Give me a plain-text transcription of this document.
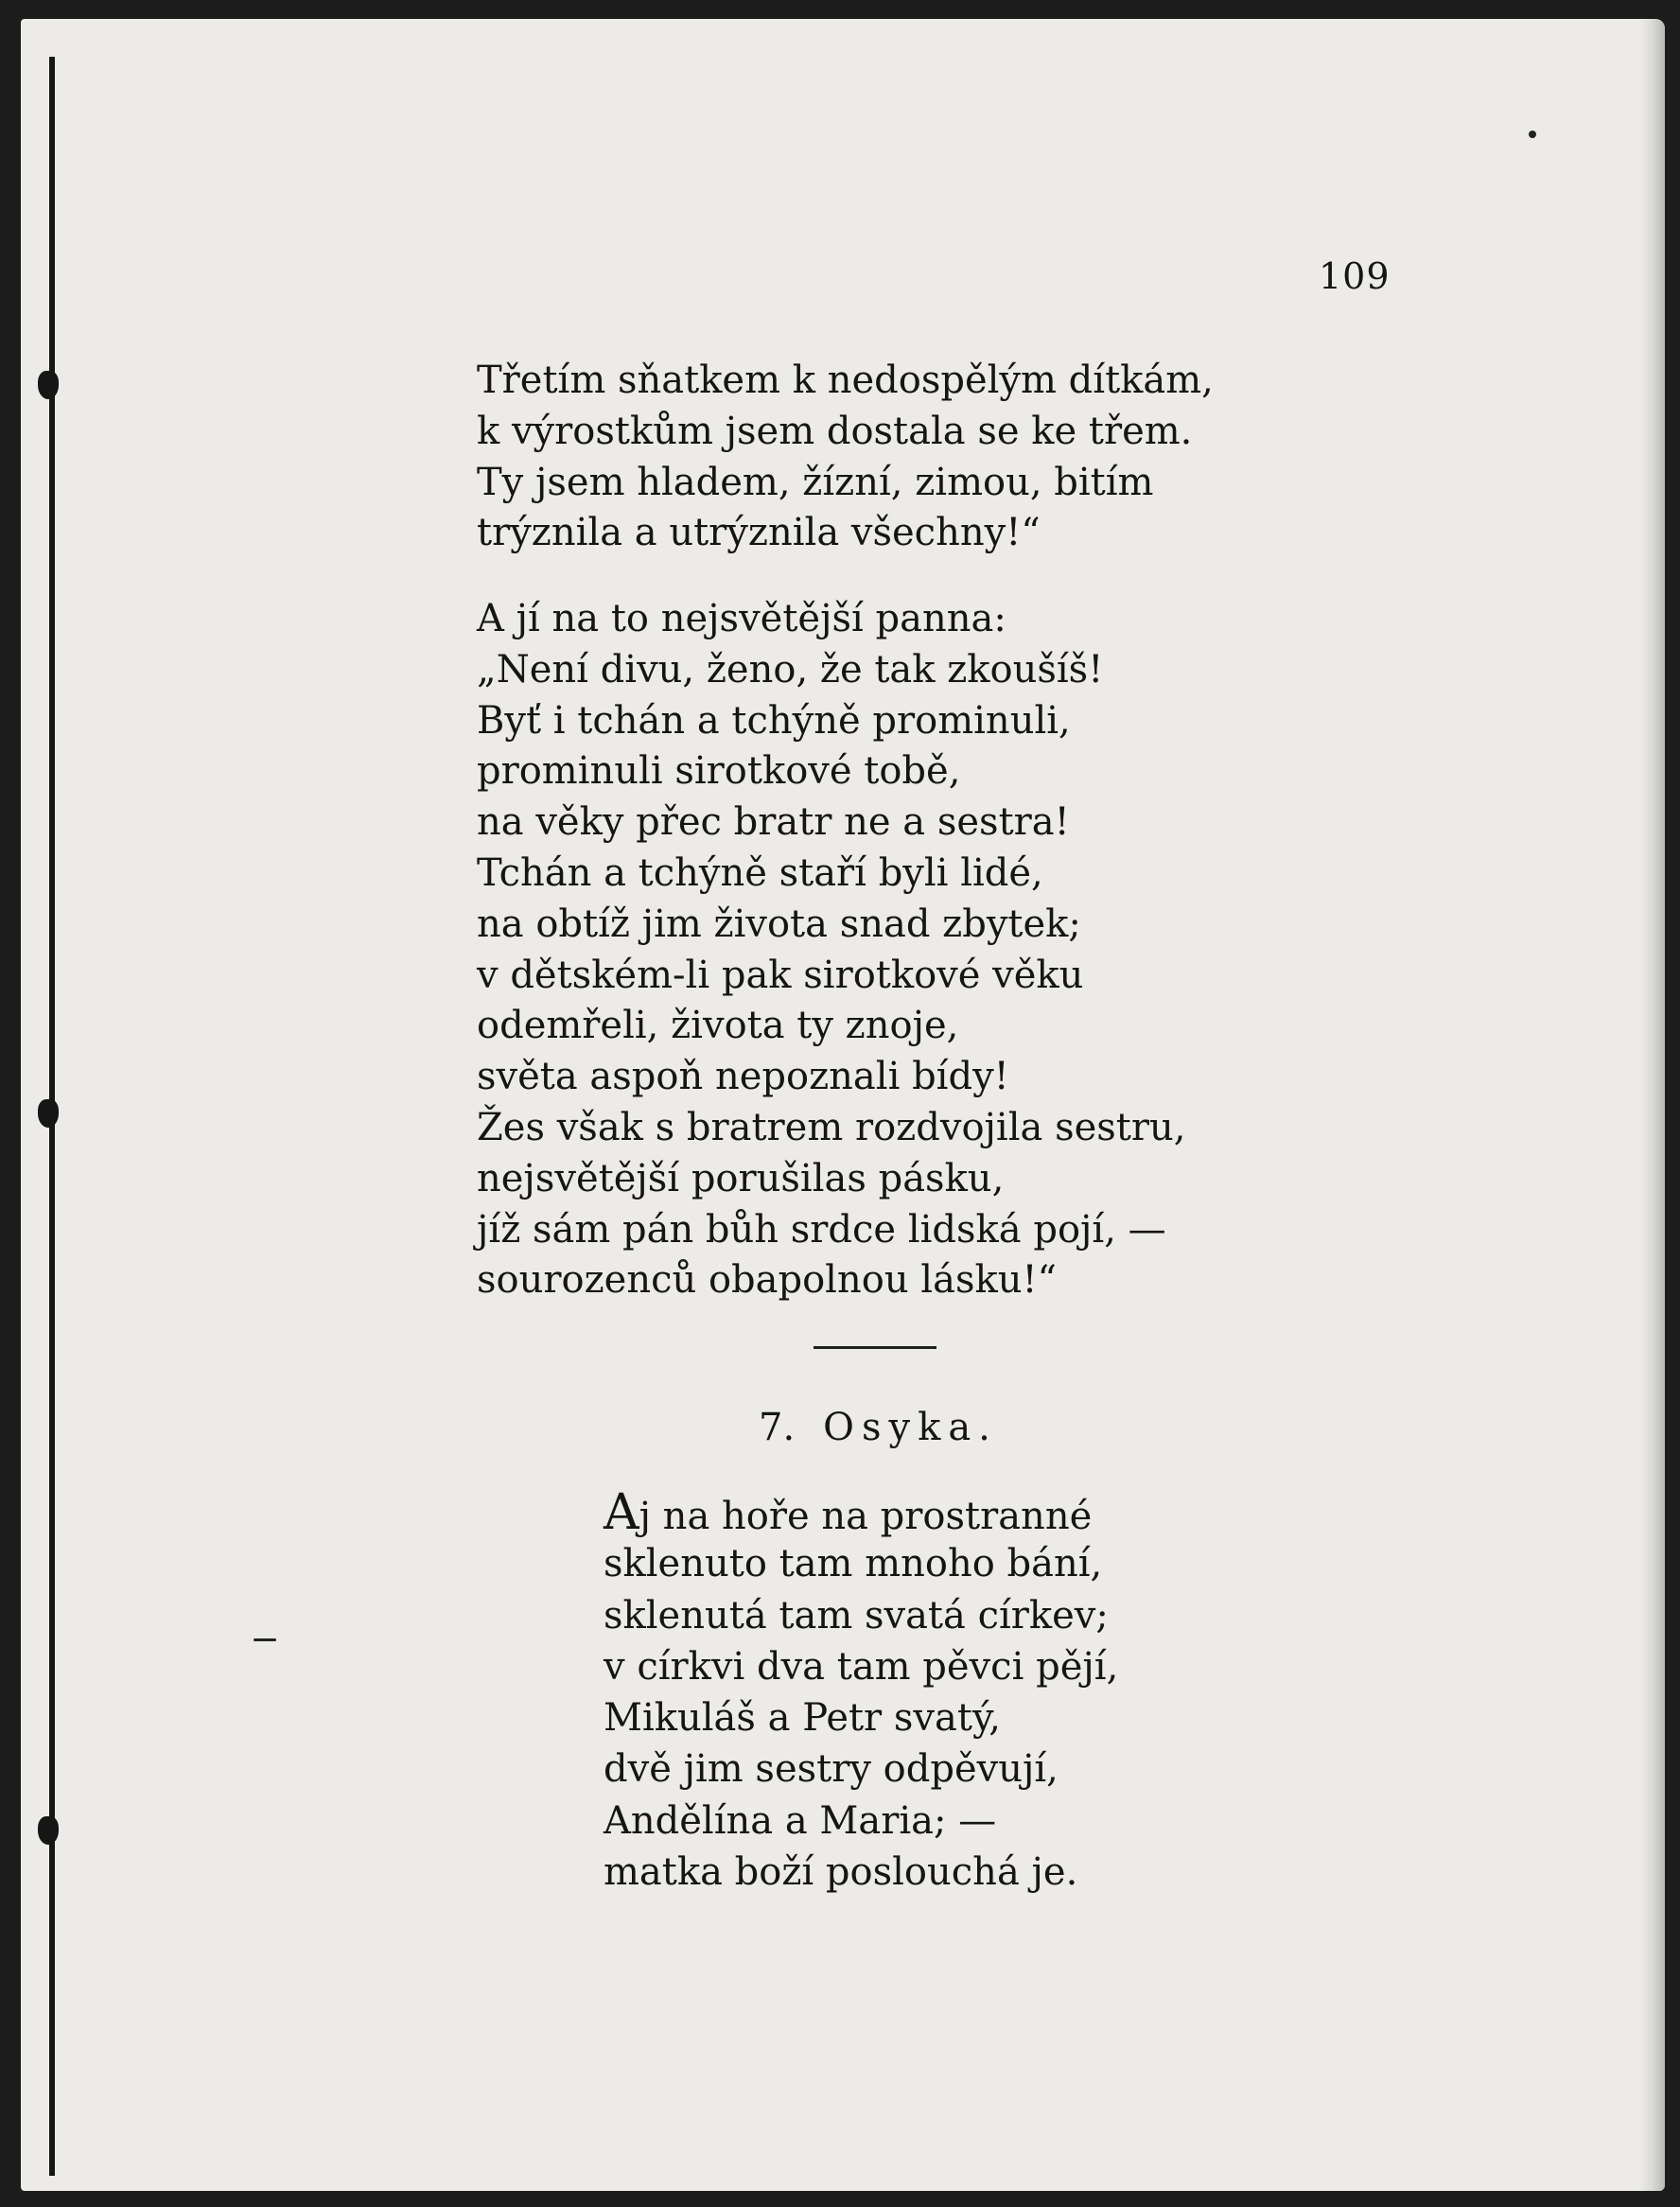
109
Třetím sňatkem k nedospělým dítkám,
k výrostkům jsem dostala se ke třem.
Ty jsem hladem, žízní, zimou, bitím
trýznila a utrýznila všechny!“
A jí na to nejsvětější panna:
„Není divu, ženo, že tak zkoušíš!
Byť i tchán a tchýně prominuli,
prominuli sirotkové tobě,
na věky přec bratr ne a sestra!
Tchán a tchýně staří byli lidé,
na obtíž jim života snad zbytek;
v dětském-li pak sirotkové věku
odemřeli, života ty znoje,
světa aspoň nepoznali bídy!
Žes však s bratrem rozdvojila sestru,
nejsvětější porušilas pásku,
jíž sám pán bůh srdce lidská pojí, —
sourozenců obapolnou lásku!“
7. Osyka.
Aj na hoře na prostranné
sklenuto tam mnoho bání,
sklenutá tam svatá církev;
v církvi dva tam pěvci pějí,
Mikuláš a Petr svatý,
dvě jim sestry odpěvují,
Andělína a Maria; —
matka boží poslouchá je.
